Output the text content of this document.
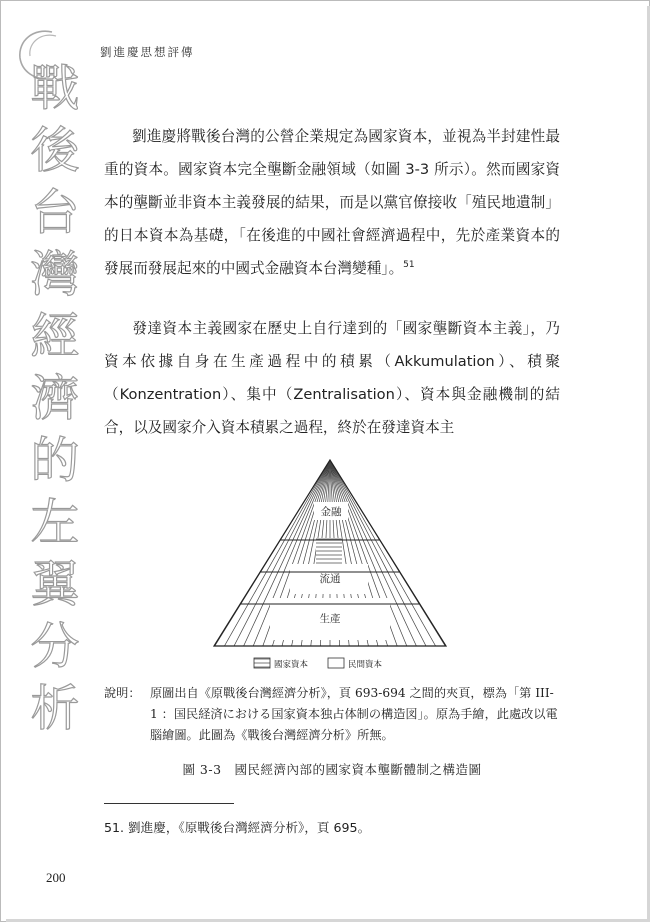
劉進慶思想評傳
戰
後
台
灣
經
濟
的
左
翼
分
析

劉進慶將戰後台灣的公營企業規定為國家資本，並視為半封建性最重的資本。國家資本完全壟斷金融領域（如圖 3-3 所示）。然而國家資本的壟斷並非資本主義發展的結果，而是以黨官僚接收「殖民地遺制」的日本資本為基礎，「在後進的中國社會經濟過程中，先於產業資本的發展而發展起來的中國式金融資本台灣變種」。$^{51}$

發達資本主義國家在歷史上自行達到的「國家壟斷資本主義」，乃資本依據自身在生產過程中的積累（Akkumulation）、積聚（Konzentration）、集中（Zentralisation）、資本與金融機制的結合，以及國家介入資本積累之過程，終於在發達資本主

金融
流通
生產
國家資本	民間資本

說明： 原圖出自《原戰後台灣經濟分析》，頁 693-694 之間的夾頁，標為「第 III-1 ：国民経済における国家資本独占体制の構造図」。原為手繪，此處改以電腦繪圖。此圖為《戰後台灣經濟分析》所無。

圖 3-3　國民經濟內部的國家資本壟斷體制之構造圖
51. 劉進慶，《原戰後台灣經濟分析》，頁 695。
200
